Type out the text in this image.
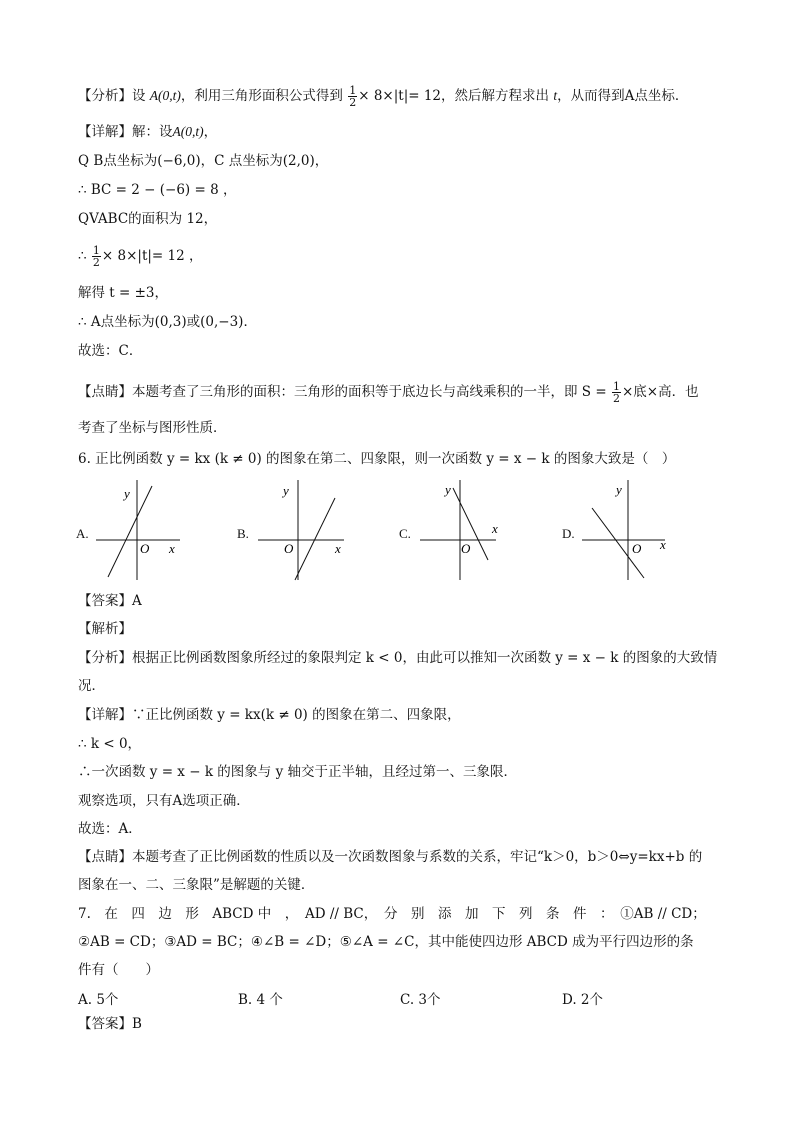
【分析】设 A(0,t)，利用三角形面积公式得到 $\frac{1}{2} \times 8\times|t|= 12$，然后解方程求出 t，从而得到A点坐标．
【详解】解：设A(0,t)，
Q B点坐标为(−6,0)，C 点坐标为(2,0)，
∴ BC = 2 − (−6) = 8 ，
QVABC的面积为 12，
∴ $\frac{1}{2} \times 8\times|t|= 12$ ，
解得 t = ±3，
∴ A点坐标为(0,3)或(0,−3)．
故选：C．
【点睛】本题考查了三角形的面积：三角形的面积等于底边长与高线乘积的一半，即 $S = \frac{1}{2}$ ×底×高．也
考查了坐标与图形性质．
6. 正比例函数 y = kx (k ≠ 0) 的图象在第二、四象限，则一次函数 y = x − k 的图象大致是（　）
A.
y
O x
B.
y
O	x
C.
y
O
x	D.
y
O x
【答案】A
【解析】
【分析】根据正比例函数图象所经过的象限判定 k < 0，由此可以推知一次函数 y = x − k 的图象的大致情
况．
【详解】∵正比例函数 y = kx(k ≠ 0) 的图象在第二、四象限，
∴ k < 0，
∴一次函数 y = x − k 的图象与 y 轴交于正半轴，且经过第一、三象限．
观察选项，只有A选项正确．
故选：A．
【点睛】本题考查了正比例函数的性质以及一次函数图象与系数的关系，牢记“k＞0，b＞0⇔y=kx+b 的
图象在一、二、三象限”是解题的关键．
7.　在　四　边　形　ABCD 中　，　AD // BC，　分　别　添　加　下　列　条　件　：　①AB // CD；
②AB = CD；③AD = BC；④∠B = ∠D；⑤∠A = ∠C，其中能使四边形 ABCD 成为平行四边形的条
件有（　　）
A. 5个	B. 4 个	C. 3个	D. 2个
【答案】B
